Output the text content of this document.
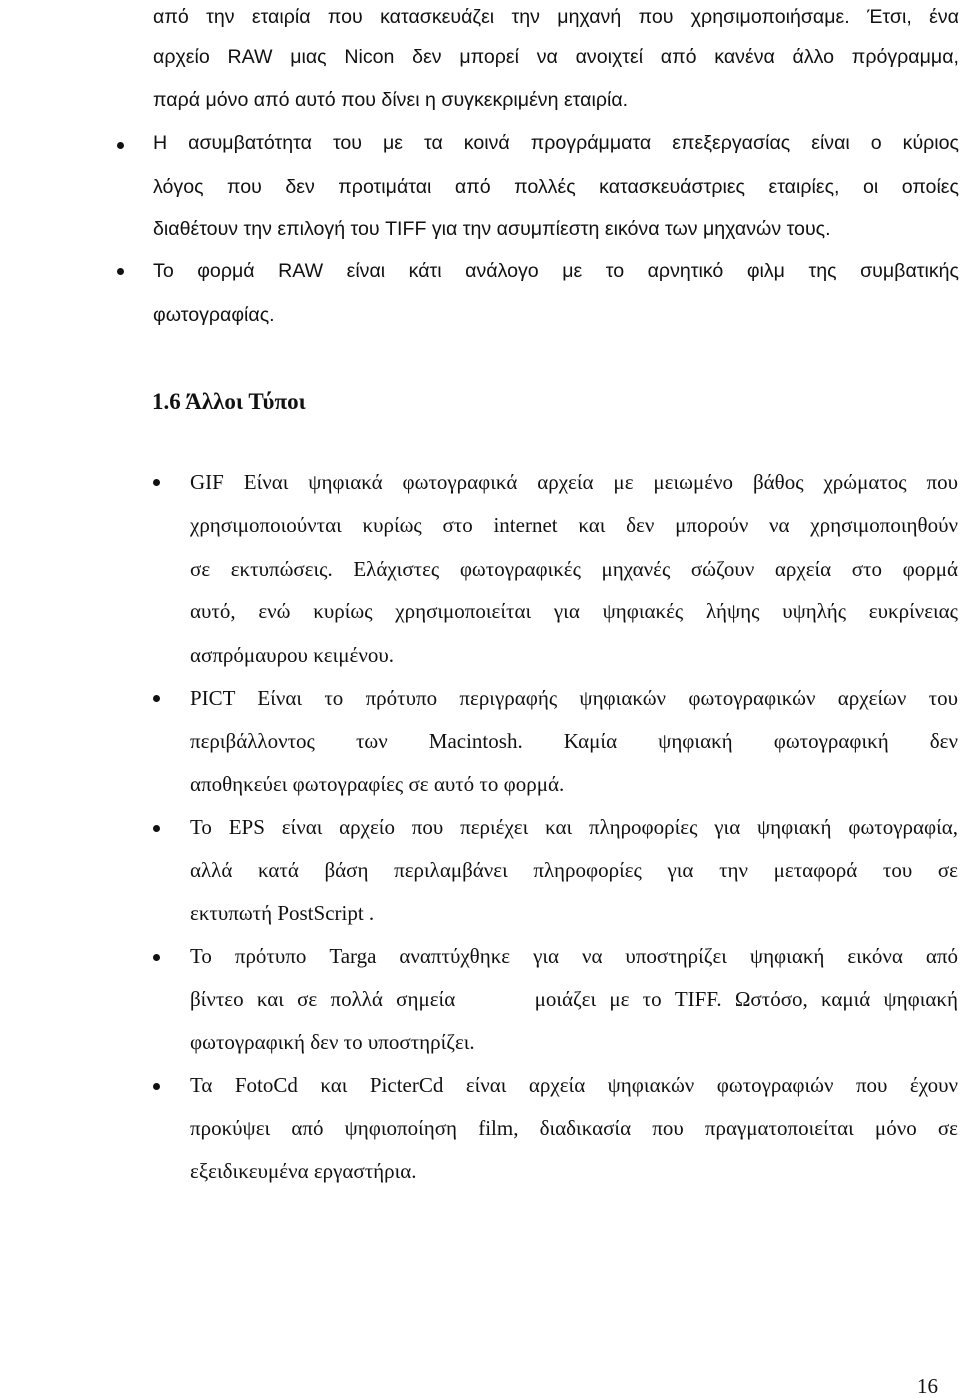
από την εταιρία που κατασκευάζει την μηχανή που χρησιμοποιήσαμε. Έτσι, ένα

αρχείο RAW μιας Nicon δεν μπορεί να ανοιχτεί από κανένα άλλο πρόγραμμα,

παρά μόνο από αυτό που δίνει η συγκεκριμένη εταιρία.

Η ασυμβατότητα του με τα κοινά προγράμματα επεξεργασίας είναι ο κύριος

λόγος που δεν προτιμάται από πολλές κατασκευάστριες εταιρίες, οι οποίες

διαθέτουν την επιλογή του TIFF για την ασυμπίεστη εικόνα των μηχανών τους.

Το φορμά RAW είναι κάτι ανάλογο με το αρνητικό φιλμ της συμβατικής

φωτογραφίας.

1.6 Άλλοι Τύποι

GIF Είναι ψηφιακά φωτογραφικά αρχεία με μειωμένο βάθος χρώματος που

χρησιμοποιούνται κυρίως στο internet και δεν μπορούν να χρησιμοποιηθούν

σε εκτυπώσεις. Ελάχιστες φωτογραφικές μηχανές σώζουν αρχεία στο φορμά

αυτό, ενώ κυρίως χρησιμοποιείται για ψηφιακές λήψης υψηλής ευκρίνειας

ασπρόμαυρου κειμένου.

PICT Είναι το πρότυπο περιγραφής ψηφιακών φωτογραφικών αρχείων του

περιβάλλοντος των Macintosh. Καμία ψηφιακή φωτογραφική δεν

αποθηκεύει φωτογραφίες σε αυτό το φορμά.

Το EPS είναι αρχείο που περιέχει και πληροφορίες για ψηφιακή φωτογραφία,

αλλά κατά βάση περιλαμβάνει πληροφορίες για την μεταφορά του σε

εκτυπωτή PostScript .

Το πρότυπο Targa αναπτύχθηκε για να υποστηρίζει ψηφιακή εικόνα από

βίντεο και σε πολλά σημεία      μοιάζει με το TIFF. Ωστόσο, καμιά ψηφιακή

φωτογραφική δεν το υποστηρίζει.

Τα FotoCd και PicterCd είναι αρχεία ψηφιακών φωτογραφιών που έχουν

προκύψει από ψηφιοποίηση film, διαδικασία που πραγματοποιείται μόνο σε

εξειδικευμένα εργαστήρια.

16
